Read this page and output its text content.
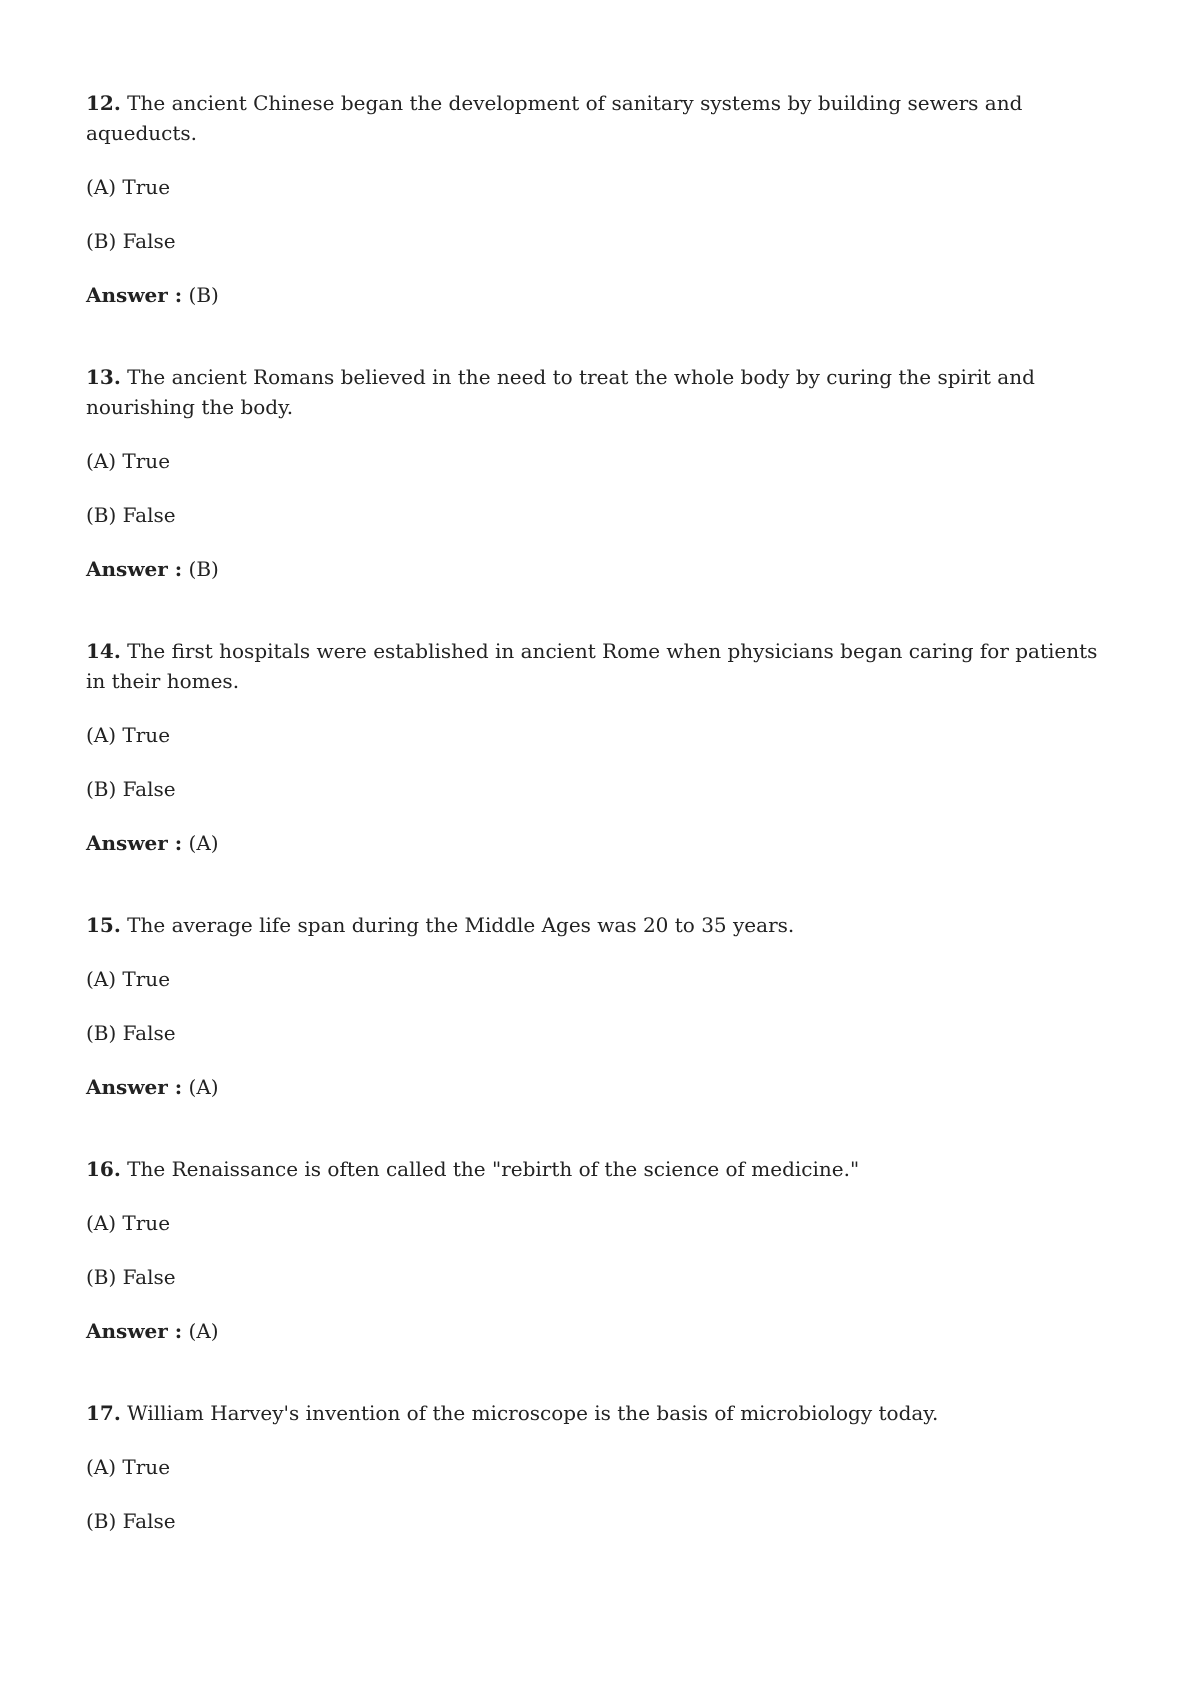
12. The ancient Chinese began the development of sanitary systems by building sewers and aqueducts.

(A) True

(B) False

Answer : (B)

13. The ancient Romans believed in the need to treat the whole body by curing the spirit and nourishing the body.

(A) True

(B) False

Answer : (B)

14. The first hospitals were established in ancient Rome when physicians began caring for patients in their homes.

(A) True

(B) False

Answer : (A)

15. The average life span during the Middle Ages was 20 to 35 years.

(A) True

(B) False

Answer : (A)

16. The Renaissance is often called the "rebirth of the science of medicine."

(A) True

(B) False

Answer : (A)

17. William Harvey's invention of the microscope is the basis of microbiology today.

(A) True

(B) False
